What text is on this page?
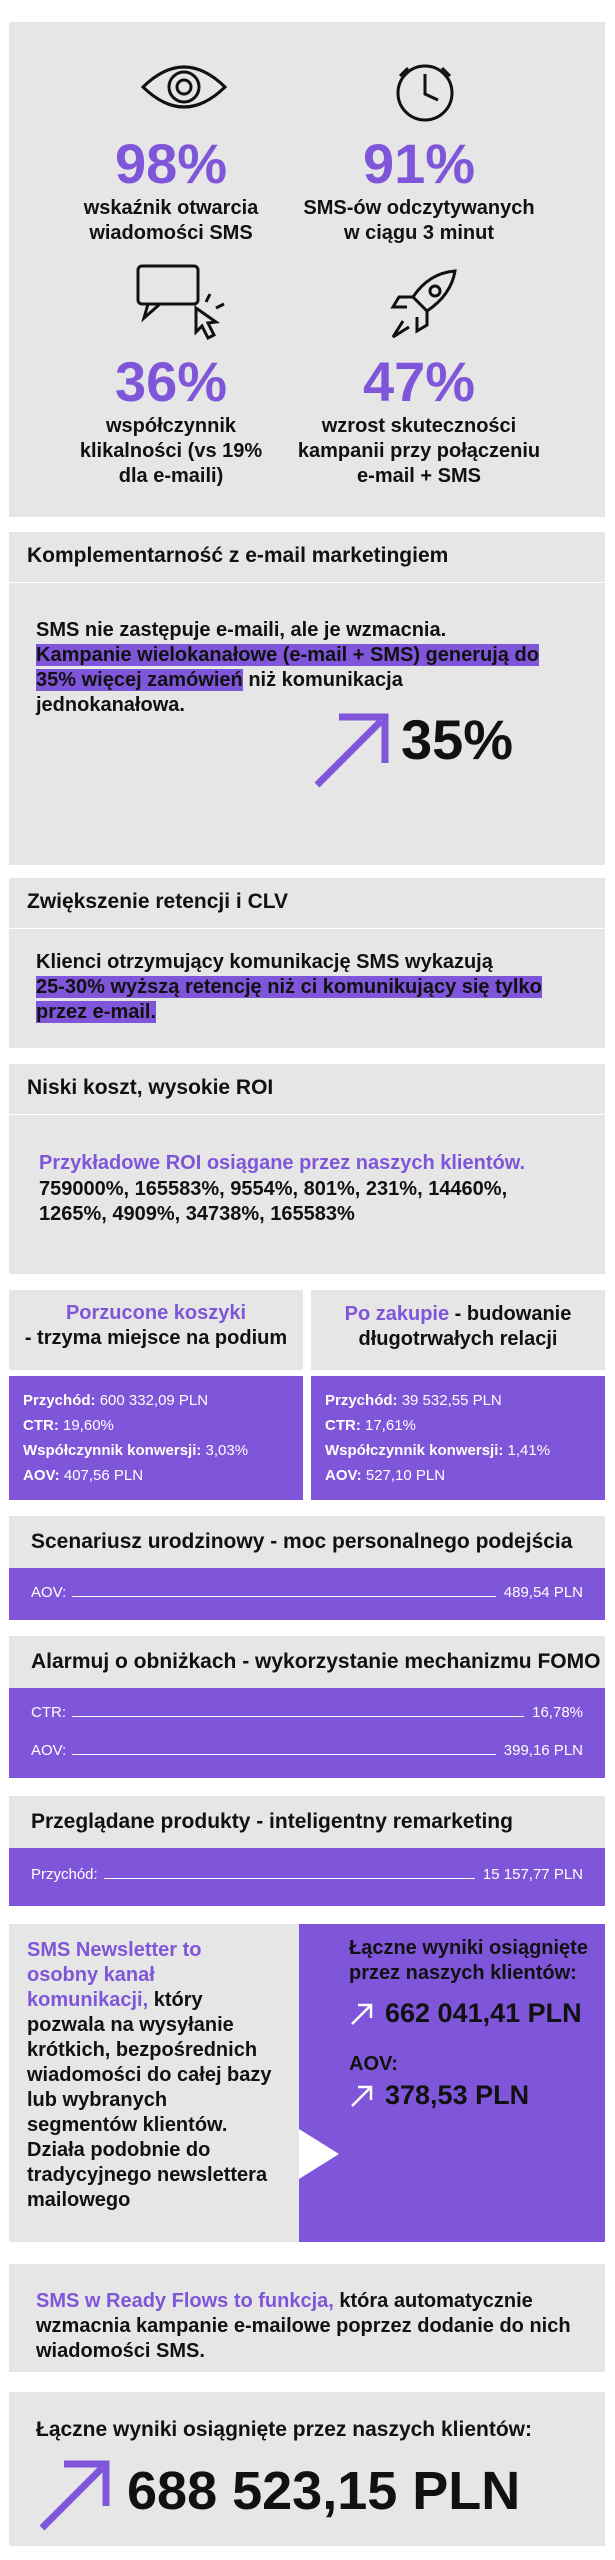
98%
wskaźnik otwarcia wiadomości SMS
91%
SMS-ów odczytywanych w ciągu 3 minut
36%
współczynnik klikalności (vs 19% dla e-maili)
47%
wzrost skuteczności kampanii przy połączeniu e-mail + SMS
Komplementarność z e-mail marketingiem
SMS nie zastępuje e-maili, ale je wzmacnia.
Kampanie wielokanałowe (e-mail + SMS) generują do 35% więcej zamówień niż komunikacja jednokanałowa.
35%
Zwiększenie retencji i CLV
Klienci otrzymujący komunikację SMS wykazują
25-30% wyższą retencję niż ci komunikujący się tylko przez e-mail.
Niski koszt, wysokie ROI
Przykładowe ROI osiągane przez naszych klientów.
759000%, 165583%, 9554%, 801%, 231%, 14460%, 1265%, 4909%, 34738%, 165583%
Porzucone koszyki
- trzyma miejsce na podium
Przychód: 600 332,09 PLN
CTR: 19,60%
Współczynnik konwersji: 3,03%
AOV: 407,56 PLN
Po zakupie - budowanie długotrwałych relacji
Przychód: 39 532,55 PLN
CTR: 17,61%
Współczynnik konwersji: 1,41%
AOV: 527,10 PLN
Scenariusz urodzinowy - moc personalnego podejścia
AOV:	489,54 PLN
Alarmuj o obniżkach - wykorzystanie mechanizmu FOMO
CTR:	16,78%
AOV:	399,16 PLN
Przeglądane produkty - inteligentny remarketing
Przychód:	15 157,77 PLN
SMS Newsletter to osobny kanał komunikacji, który pozwala na wysyłanie krótkich, bezpośrednich wiadomości do całej bazy lub wybranych segmentów klientów. Działa podobnie do tradycyjnego newslettera mailowego
Łączne wyniki osiągnięte przez naszych klientów:
662 041,41 PLN
AOV:
378,53 PLN
SMS w Ready Flows to funkcja, która automatycznie wzmacnia kampanie e-mailowe poprzez dodanie do nich wiadomości SMS.
Łączne wyniki osiągnięte przez naszych klientów:
688 523,15 PLN
